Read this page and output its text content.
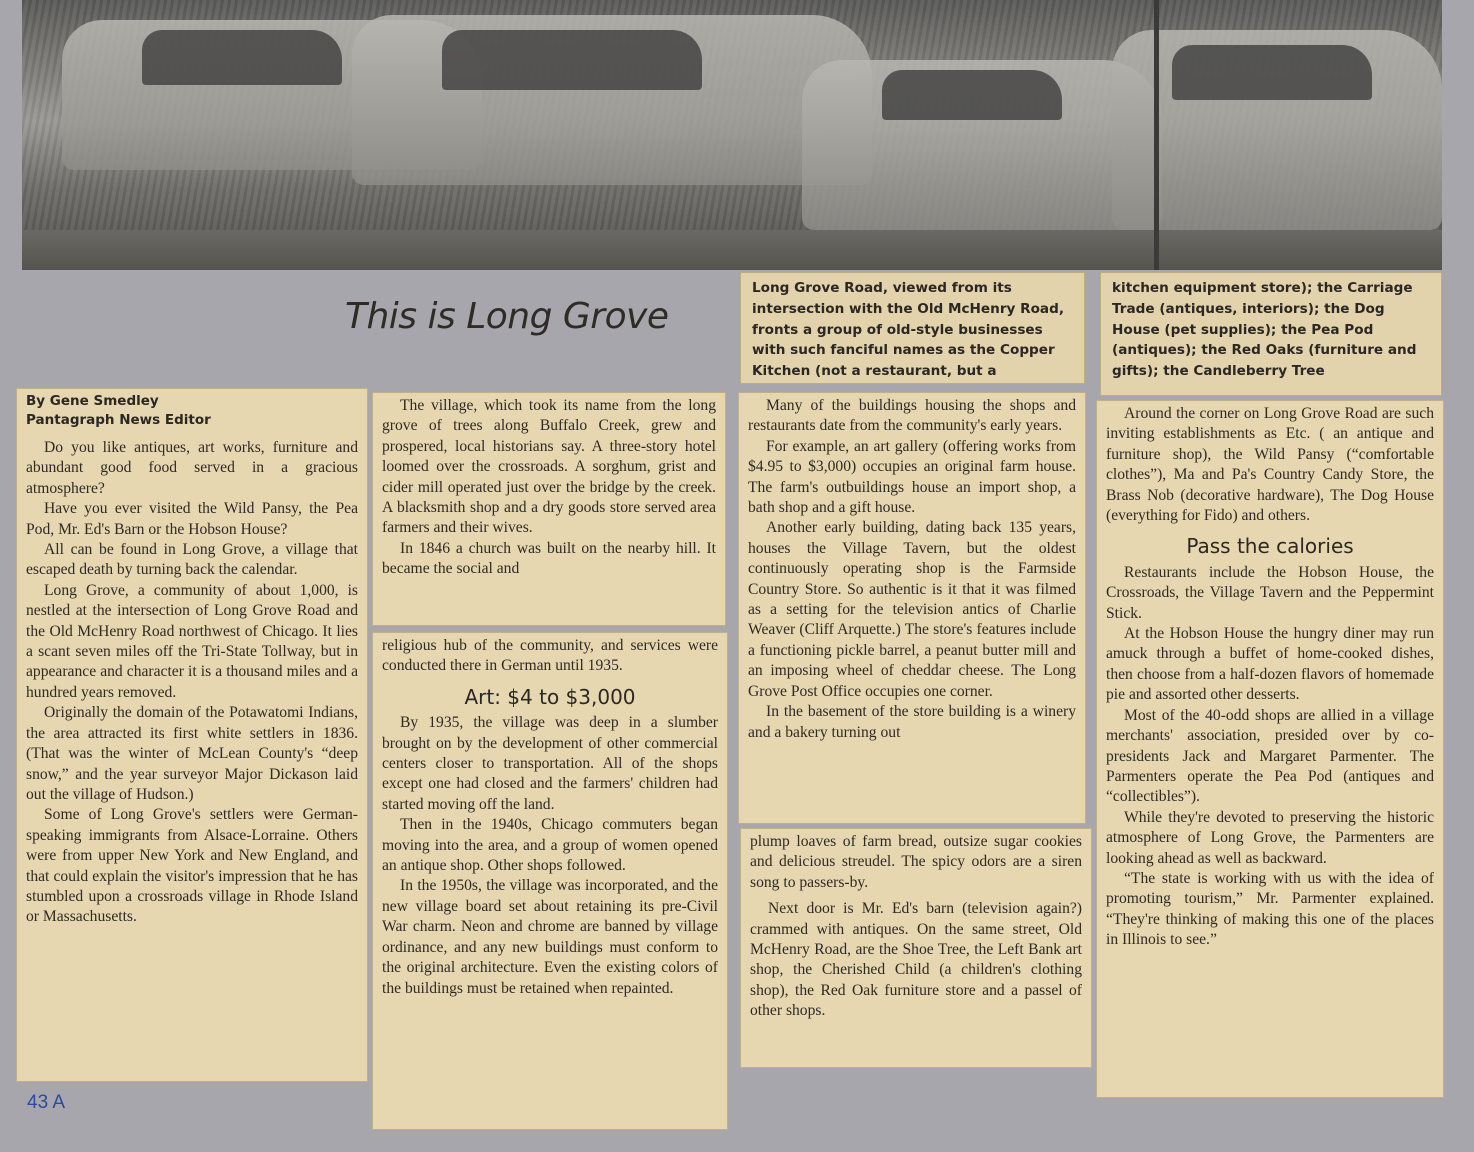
This is Long Grove
Long Grove Road, viewed from its intersection with the Old McHenry Road, fronts a group of old-style businesses with such fanciful names as the Copper Kitchen (not a restaurant, but a
kitchen equipment store); the Carriage Trade (antiques, interiors); the Dog House (pet supplies); the Pea Pod (antiques); the Red Oaks (furniture and gifts); the Candleberry Tree
By Gene Smedley
Pantagraph News Editor

Do you like antiques, art works, furniture and abundant good food served in a gracious atmosphere?

Have you ever visited the Wild Pansy, the Pea Pod, Mr. Ed's Barn or the Hobson House?

All can be found in Long Grove, a village that escaped death by turning back the calendar.

Long Grove, a community of about 1,000, is nestled at the intersection of Long Grove Road and the Old McHenry Road northwest of Chicago. It lies a scant seven miles off the Tri-State Tollway, but in appearance and character it is a thousand miles and a hundred years removed.

Originally the domain of the Potawatomi Indians, the area attracted its first white settlers in 1836. (That was the winter of McLean County's “deep snow,” and the year surveyor Major Dickason laid out the village of Hudson.)

Some of Long Grove's settlers were German-speaking immigrants from Alsace-Lorraine. Others were from upper New York and New England, and that could explain the visitor's impression that he has stumbled upon a crossroads village in Rhode Island or Massachusetts.

The village, which took its name from the long grove of trees along Buffalo Creek, grew and prospered, local historians say. A three-story hotel loomed over the crossroads. A sorghum, grist and cider mill operated just over the bridge by the creek. A blacksmith shop and a dry goods store served area farmers and their wives.

In 1846 a church was built on the nearby hill. It became the social and

religious hub of the community, and services were conducted there in German until 1935.

Art: $4 to $3,000

By 1935, the village was deep in a slumber brought on by the development of other commercial centers closer to transportation. All of the shops except one had closed and the farmers' children had started moving off the land.

Then in the 1940s, Chicago commuters began moving into the area, and a group of women opened an antique shop. Other shops followed.

In the 1950s, the village was incorporated, and the new village board set about retaining its pre-Civil War charm. Neon and chrome are banned by village ordinance, and any new buildings must conform to the original architecture. Even the existing colors of the buildings must be retained when repainted.

Many of the buildings housing the shops and restaurants date from the community's early years.

For example, an art gallery (offering works from $4.95 to $3,000) occupies an original farm house. The farm's outbuildings house an import shop, a bath shop and a gift house.

Another early building, dating back 135 years, houses the Village Tavern, but the oldest continuously operating shop is the Farmside Country Store. So authentic is it that it was filmed as a setting for the television antics of Charlie Weaver (Cliff Arquette.) The store's features include a functioning pickle barrel, a peanut butter mill and an imposing wheel of cheddar cheese. The Long Grove Post Office occupies one corner.

In the basement of the store building is a winery and a bakery turning out

plump loaves of farm bread, outsize sugar cookies and delicious streudel. The spicy odors are a siren song to passers-by.

Next door is Mr. Ed's barn (television again?) crammed with antiques. On the same street, Old McHenry Road, are the Shoe Tree, the Left Bank art shop, the Cherished Child (a children's clothing shop), the Red Oak furniture store and a passel of other shops.

Around the corner on Long Grove Road are such inviting establishments as Etc. ( an antique and furniture shop), the Wild Pansy (“comfortable clothes”), Ma and Pa's Country Candy Store, the Brass Nob (decorative hardware), The Dog House (everything for Fido) and others.

Pass the calories

Restaurants include the Hobson House, the Crossroads, the Village Tavern and the Peppermint Stick.

At the Hobson House the hungry diner may run amuck through a buffet of home-cooked dishes, then choose from a half-dozen flavors of homemade pie and assorted other desserts.

Most of the 40-odd shops are allied in a village merchants' association, presided over by co-presidents Jack and Margaret Parmenter. The Parmenters operate the Pea Pod (antiques and “collectibles”).

While they're devoted to preserving the historic atmosphere of Long Grove, the Parmenters are looking ahead as well as backward.

“The state is working with us with the idea of promoting tourism,” Mr. Parmenter explained. “They're thinking of making this one of the places in Illinois to see.”

43 A
